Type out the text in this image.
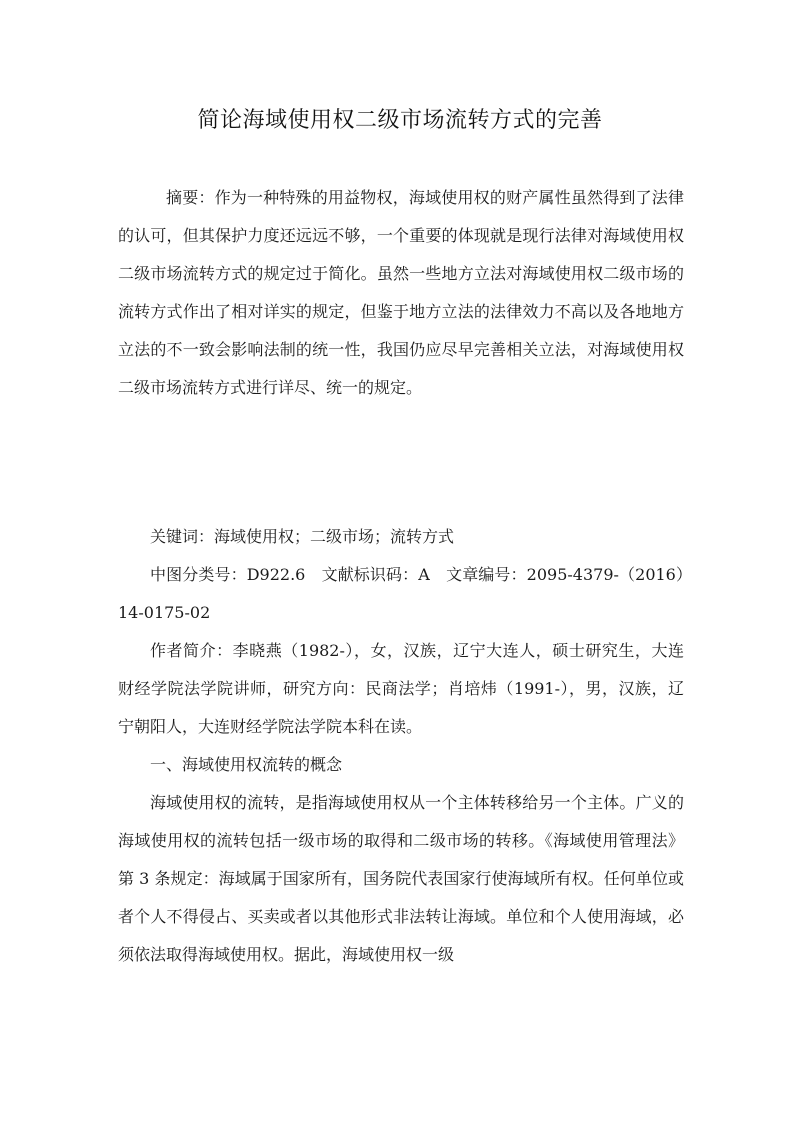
简论海域使用权二级市场流转方式的完善
摘要：作为一种特殊的用益物权，海域使用权的财产属性虽然得到了法律的认可，但其保护力度还远远不够，一个重要的体现就是现行法律对海域使用权二级市场流转方式的规定过于简化。虽然一些地方立法对海域使用权二级市场的流转方式作出了相对详实的规定，但鉴于地方立法的法律效力不高以及各地地方立法的不一致会影响法制的统一性，我国仍应尽早完善相关立法，对海域使用权二级市场流转方式进行详尽、统一的规定。

关键词：海域使用权；二级市场；流转方式

中图分类号：D922.6　文献标识码：A　文章编号：2095-4379-（2016）14-0175-02

作者简介：李晓燕（1982-），女，汉族，辽宁大连人，硕士研究生，大连财经学院法学院讲师，研究方向：民商法学；肖培炜（1991-），男，汉族，辽宁朝阳人，大连财经学院法学院本科在读。

一、海域使用权流转的概念

海域使用权的流转，是指海域使用权从一个主体转移给另一个主体。广义的海域使用权的流转包括一级市场的取得和二级市场的转移。《海域使用管理法》第 3 条规定：海域属于国家所有，国务院代表国家行使海域所有权。任何单位或者个人不得侵占、买卖或者以其他形式非法转让海域。单位和个人使用海域，必须依法取得海域使用权。据此，海域使用权一级
